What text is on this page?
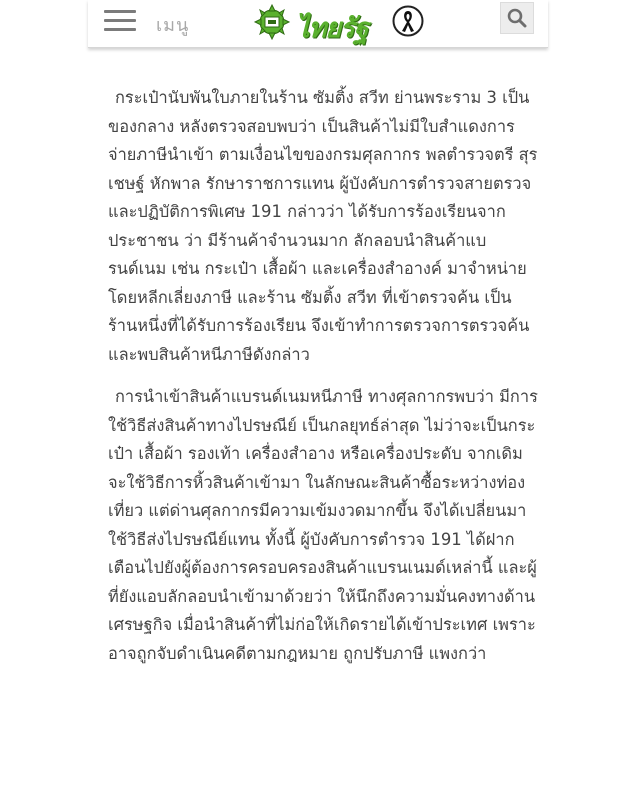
เมนู	ไทยรัฐ

กระเป๋านับพันใบภายในร้าน ซัมติ้ง สวีท ย่านพระราม 3 เป็นของกลาง หลังตรวจสอบพบว่า เป็นสินค้าไม่มีใบสำแดงการจ่ายภาษีนำเข้า ตามเงื่อนไขของกรมศุลกากร พลตำรวจตรี สุรเชษฐ์ หักพาล รักษาราชการแทน ผู้บังคับการตำรวจสายตรวจและปฏิบัติการพิเศษ 191 กล่าวว่า ได้รับการร้องเรียนจากประชาชน ว่า มีร้านค้าจำนวนมาก ลักลอบนำสินค้าแบรนด์เนม เช่น กระเป๋า เสื้อผ้า และเครื่องสำอางค์ มาจำหน่ายโดยหลีกเลี่ยงภาษี และร้าน ซัมติ้ง สวีท ที่เข้าตรวจค้น เป็นร้านหนึ่งที่ได้รับการร้องเรียน จึงเข้าทำการตรวจการตรวจค้นและพบสินค้าหนีภาษีดังกล่าว

การนำเข้าสินค้าแบรนด์เนมหนีภาษี ทางศุลกากรพบว่า มีการใช้วิธีส่งสินค้าทางไปรษณีย์ เป็นกลยุทธ์ล่าสุด ไม่ว่าจะเป็นกระเป๋า เสื้อผ้า รองเท้า เครื่องสำอาง หรือเครื่องประดับ จากเดิมจะใช้วิธีการหิ้วสินค้าเข้ามา ในลักษณะสินค้าซื้อระหว่างท่องเที่ยว แต่ด่านศุลกากรมีความเข้มงวดมากขึ้น จึงได้เปลี่ยนมาใช้วิธีส่งไปรษณีย์แทน ทั้งนี้ ผู้บังคับการตำรวจ 191 ได้ฝากเตือนไปยังผู้ต้องการครอบครองสินค้าแบรนเนมด์เหล่านี้ และผู้ที่ยังแอบลักลอบนำเข้ามาด้วยว่า ให้นึกถึงความมั่นคงทางด้านเศรษฐกิจ เมื่อนำสินค้าที่ไม่ก่อให้เกิดรายได้เข้าประเทศ เพราะอาจถูกจับดำเนินคดีตามกฎหมาย ถูกปรับภาษี แพงกว่า
